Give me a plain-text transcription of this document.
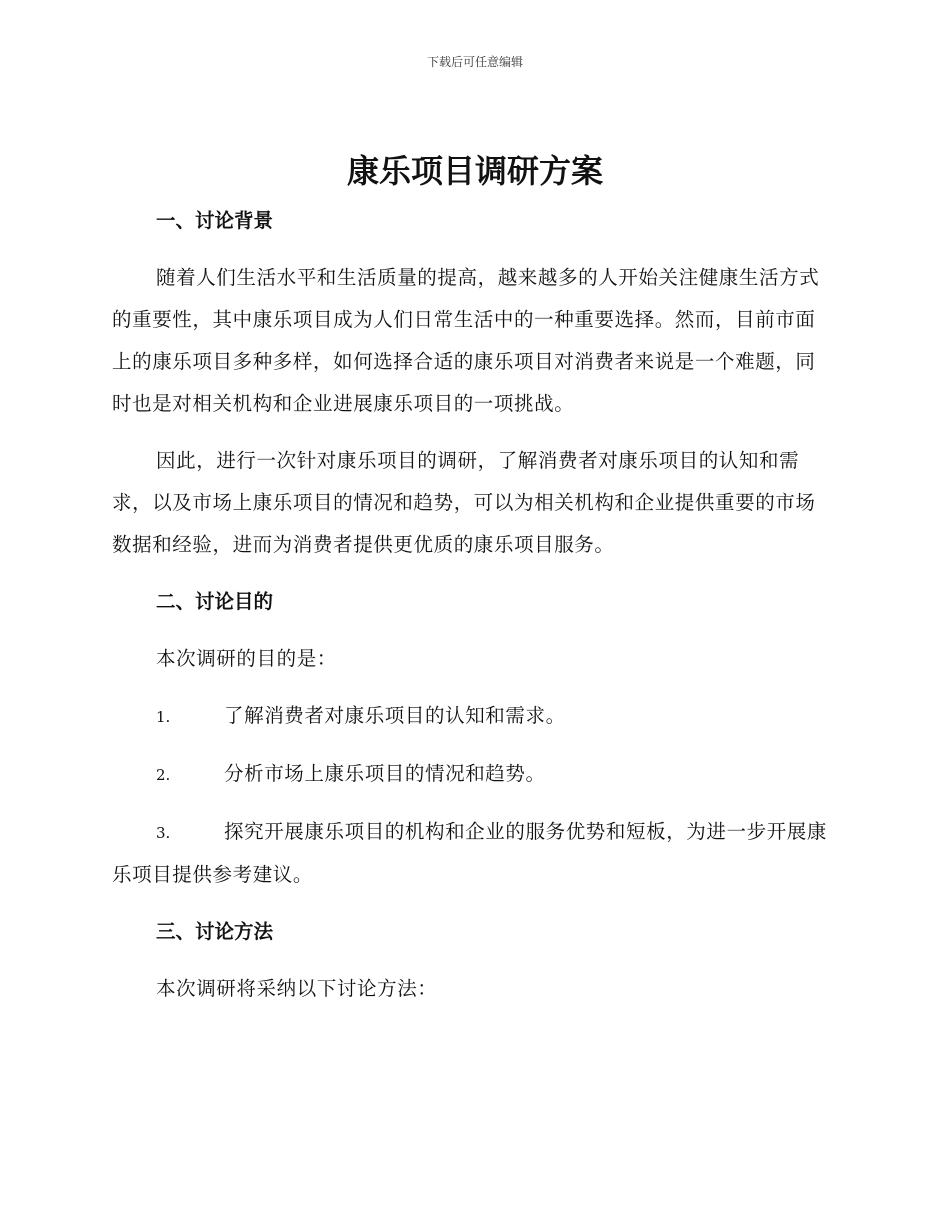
下载后可任意编辑
康乐项目调研方案
一、讨论背景

随着人们生活水平和生活质量的提高，越来越多的人开始关注健康生活方式的重要性，其中康乐项目成为人们日常生活中的一种重要选择。然而，目前市面上的康乐项目多种多样，如何选择合适的康乐项目对消费者来说是一个难题，同时也是对相关机构和企业进展康乐项目的一项挑战。

因此，进行一次针对康乐项目的调研，了解消费者对康乐项目的认知和需求，以及市场上康乐项目的情况和趋势，可以为相关机构和企业提供重要的市场数据和经验，进而为消费者提供更优质的康乐项目服务。

二、讨论目的

本次调研的目的是：

1.	了解消费者对康乐项目的认知和需求。

2.	分析市场上康乐项目的情况和趋势。

3.	探究开展康乐项目的机构和企业的服务优势和短板，为进一步开展康乐项目提供参考建议。

三、讨论方法

本次调研将采纳以下讨论方法：
